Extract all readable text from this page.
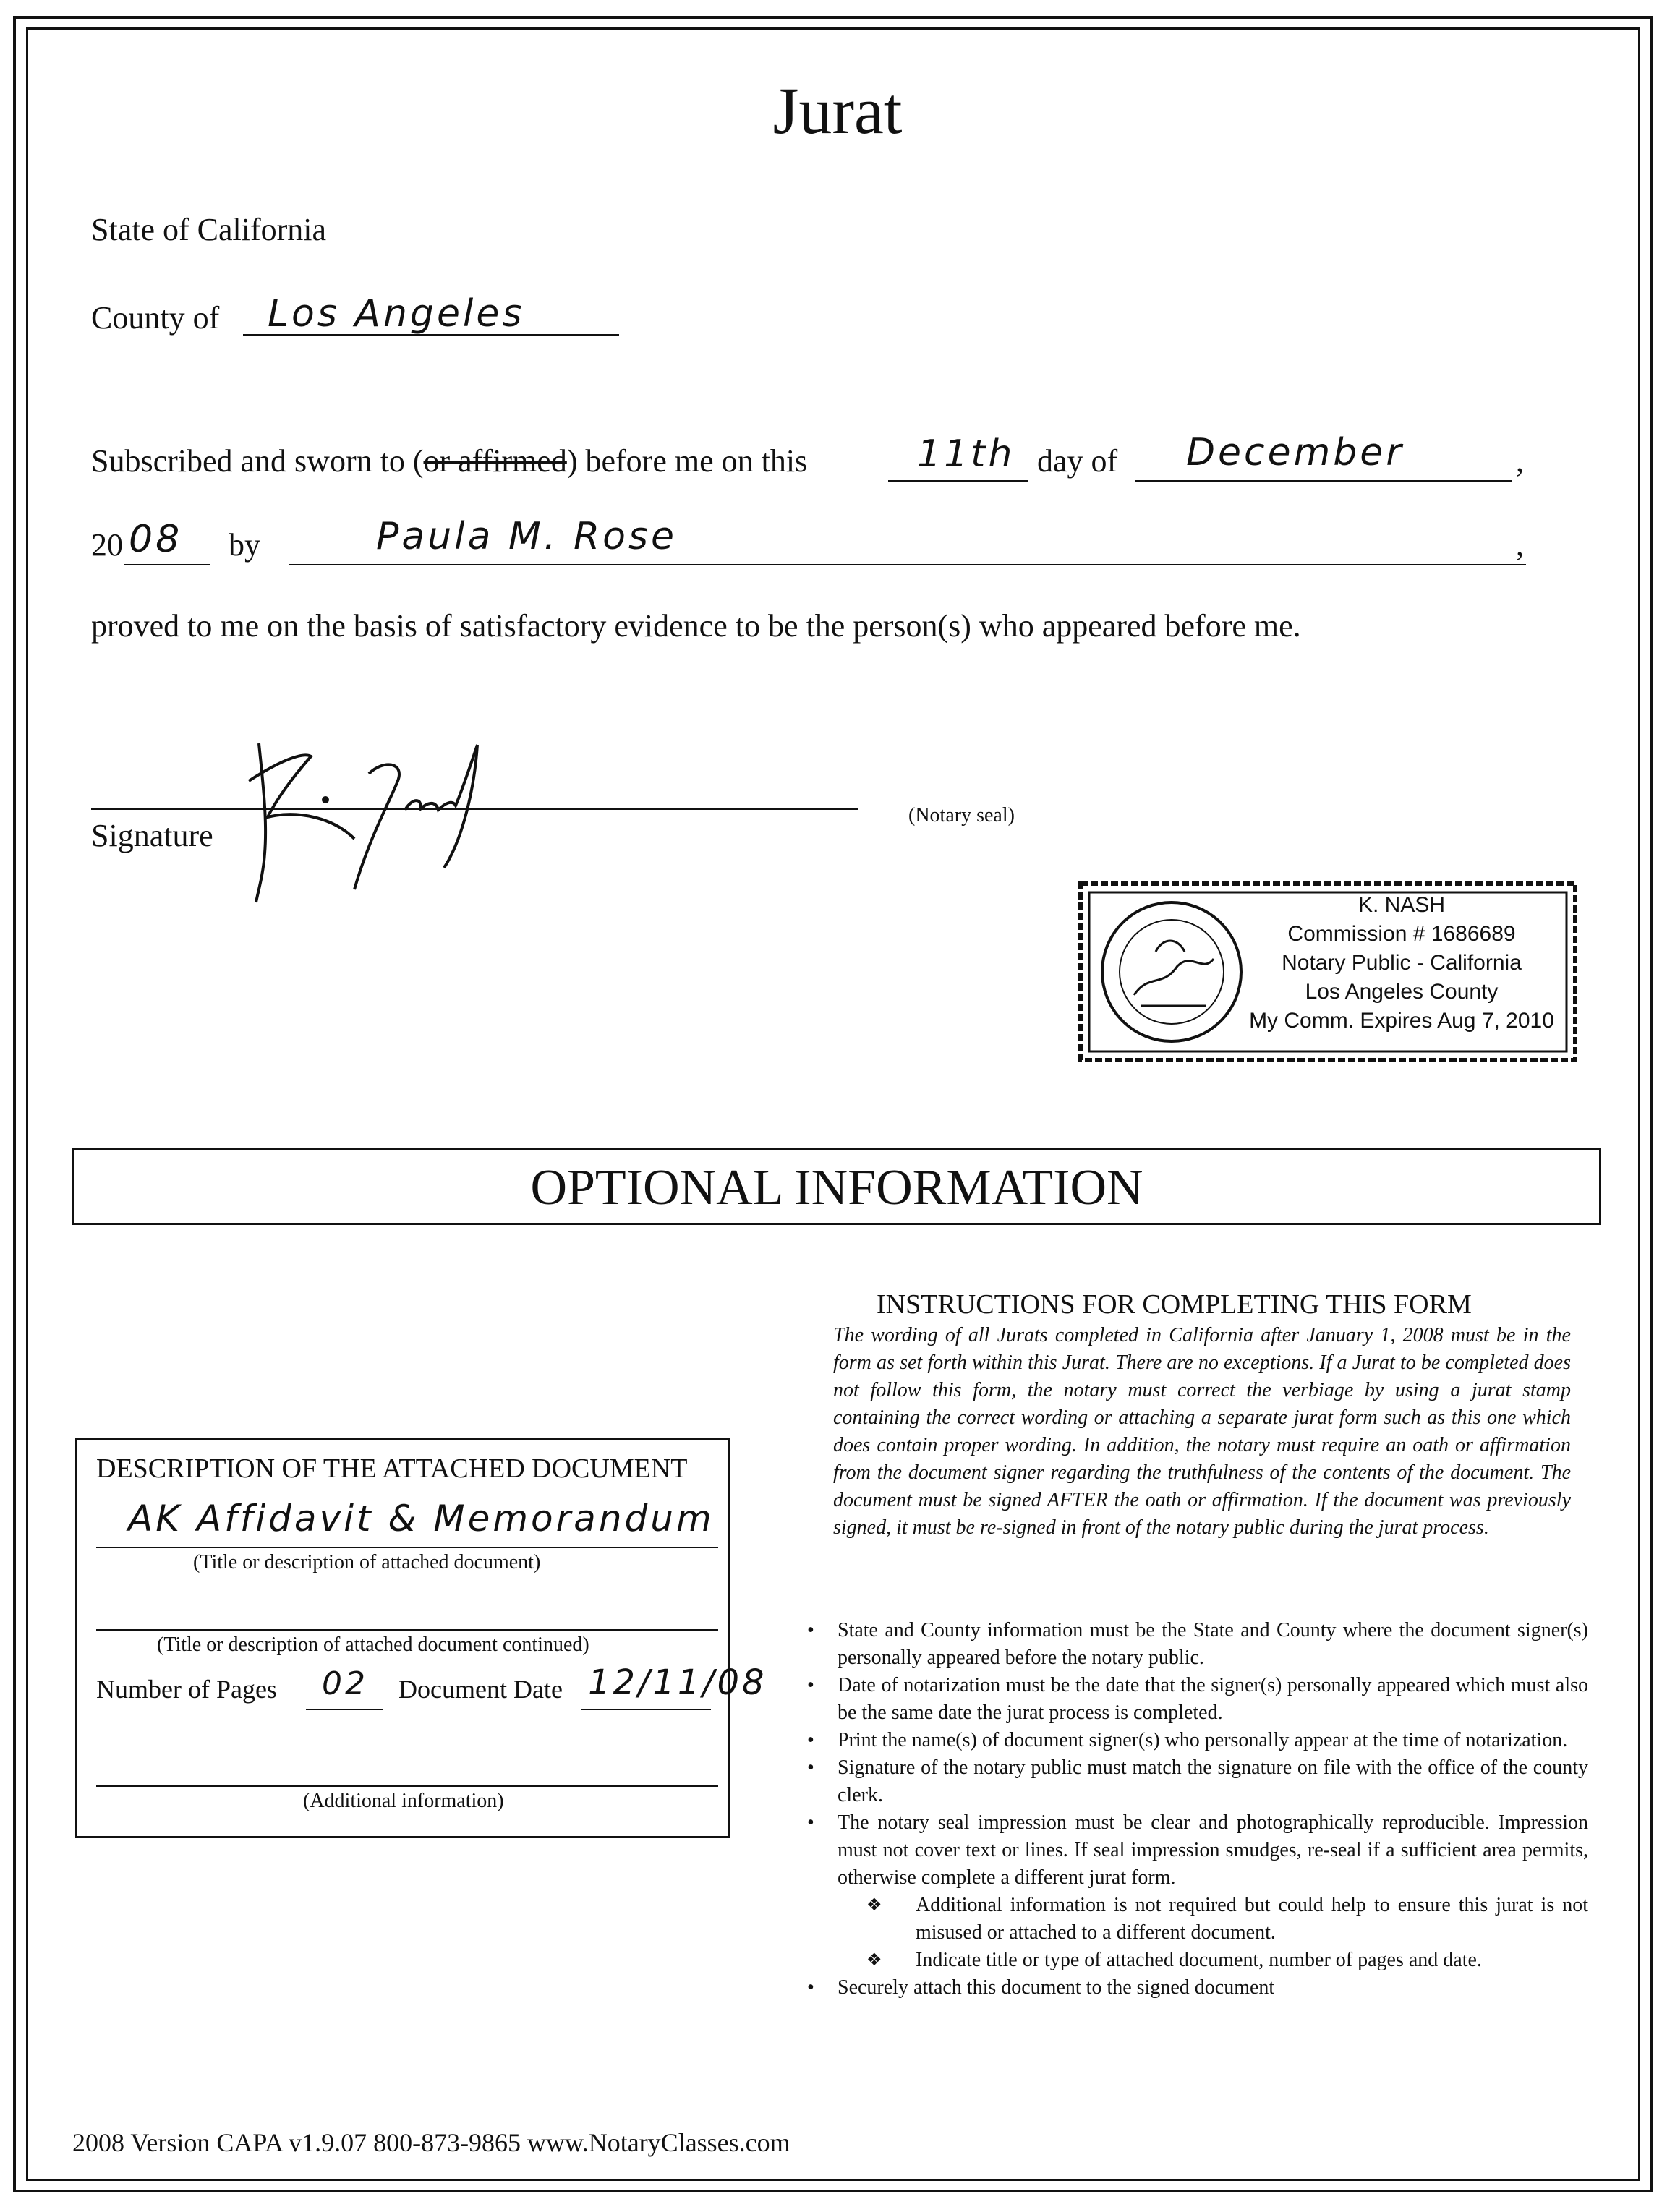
Jurat
State of California
County of Los Angeles
Subscribed and sworn to (or affirmed) before me on this	11th day of December	,
20 08 by	Paula M. Rose	,
proved to me on the basis of satisfactory evidence to be the person(s) who appeared before me.
Signature
(Notary seal)
K. NASH
Commission # 1686689
Notary Public - California
Los Angeles County
My Comm. Expires Aug 7, 2010
OPTIONAL INFORMATION
INSTRUCTIONS FOR COMPLETING THIS FORM
The wording of all Jurats completed in California after January 1, 2008 must be in the form as set forth within this Jurat. There are no exceptions. If a Jurat to be completed does not follow this form, the notary must correct the verbiage by using a jurat stamp containing the correct wording or attaching a separate jurat form such as this one which does contain proper wording. In addition, the notary must require an oath or affirmation from the document signer regarding the truthfulness of the contents of the document. The document must be signed AFTER the oath or affirmation. If the document was previously signed, it must be re-signed in front of the notary public during the jurat process.
• State and County information must be the State and County where the document signer(s) personally appeared before the notary public.
• Date of notarization must be the date that the signer(s) personally appeared which must also be the same date the jurat process is completed.
• Print the name(s) of document signer(s) who personally appear at the time of notarization.
• Signature of the notary public must match the signature on file with the office of the county clerk.
• The notary seal impression must be clear and photographically reproducible. Impression must not cover text or lines. If seal impression smudges, re-seal if a sufficient area permits, otherwise complete a different jurat form.
❖ Additional information is not required but could help to ensure this jurat is not misused or attached to a different document.
❖ Indicate title or type of attached document, number of pages and date.
• Securely attach this document to the signed document
DESCRIPTION OF THE ATTACHED DOCUMENT
AK Affidavit & Memorandum
(Title or description of attached document)
(Title or description of attached document continued)
Number of Pages 02 Document Date 12/11/08
(Additional information)
2008 Version CAPA v1.9.07 800-873-9865 www.NotaryClasses.com
